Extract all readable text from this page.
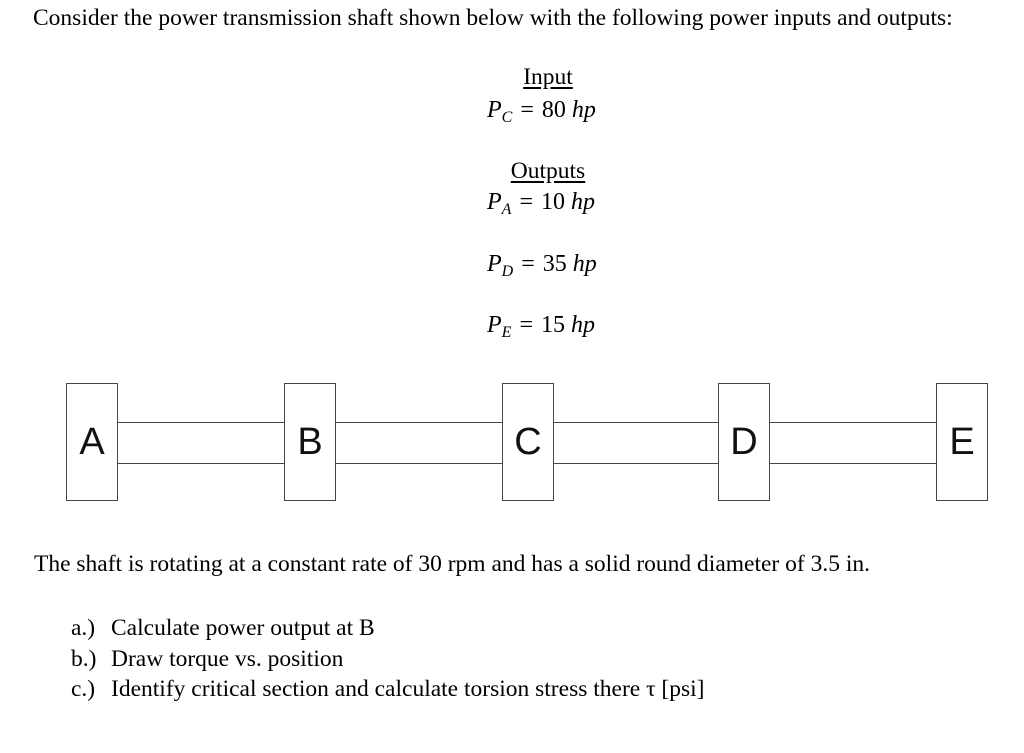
Consider the power transmission shaft shown below with the following power inputs and outputs:
Input
$P_C = 80$ hp
Outputs
$P_A = 10$ hp
$P_D = 35$ hp
$P_E = 15$ hp
A	B	C	D	E
The shaft is rotating at a constant rate of 30 rpm and has a solid round diameter of 3.5 in.
a.) Calculate power output at B
b.) Draw torque vs. position
c.) Identify critical section and calculate torsion stress there τ [psi]
